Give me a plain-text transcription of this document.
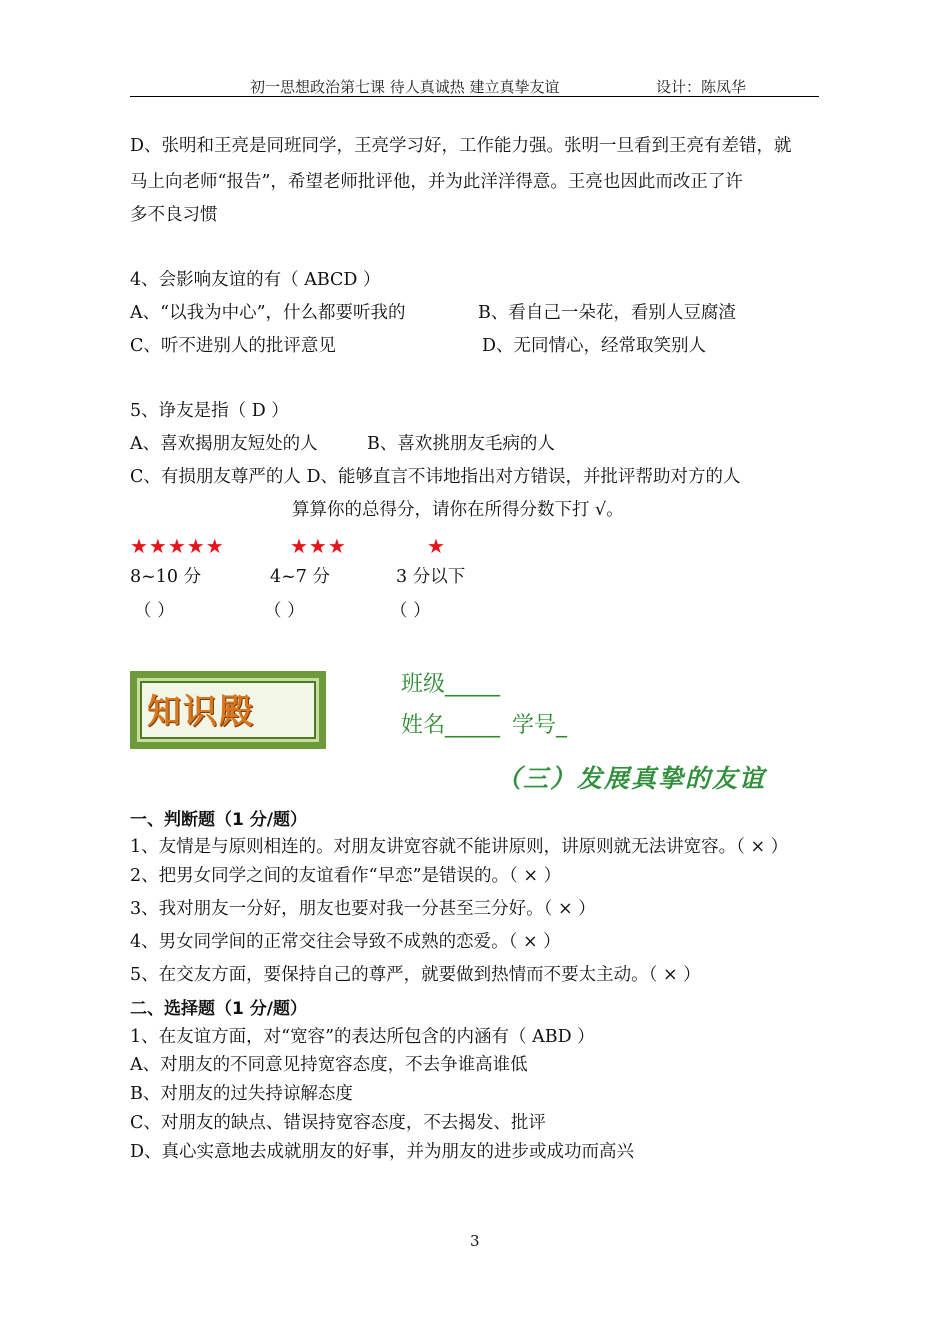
初一思想政治第七课 待人真诚热 建立真挚友谊	设计：陈凤华
D、张明和王亮是同班同学，王亮学习好，工作能力强。张明一旦看到王亮有差错，就
马上向老师“报告”，希望老师批评他，并为此洋洋得意。王亮也因此而改正了许
多不良习惯
4、会影响友谊的有（ ABCD ）
A、“以我为中心”，什么都要听我的	B、看自己一朵花，看别人豆腐渣
C、听不进别人的批评意见	D、无同情心，经常取笑别人
5、诤友是指（ D ）
A、喜欢揭朋友短处的人	B、喜欢挑朋友毛病的人
C、有损朋友尊严的人 D、能够直言不讳地指出对方错误，并批评帮助对方的人
算算你的总得分，请你在所得分数下打 √。
★★★★★	★★★	★
8~10 分	4~7 分	3 分以下
（ ）	（ ）	（ ）
知识殿
班级_____
姓名_____ 学号_
（三）发展真挚的友谊
一、判断题（1 分/题）
1、友情是与原则相连的。对朋友讲宽容就不能讲原则，讲原则就无法讲宽容。（ × ）
2、把男女同学之间的友谊看作“早恋”是错误的。（ × ）
3、我对朋友一分好，朋友也要对我一分甚至三分好。（ × ）
4、男女同学间的正常交往会导致不成熟的恋爱。（ × ）
5、在交友方面，要保持自己的尊严，就要做到热情而不要太主动。（ × ）
二、选择题（1 分/题）
1、在友谊方面，对“宽容”的表达所包含的内涵有（ ABD ）
A、对朋友的不同意见持宽容态度，不去争谁高谁低
B、对朋友的过失持谅解态度
C、对朋友的缺点、错误持宽容态度，不去揭发、批评
D、真心实意地去成就朋友的好事，并为朋友的进步或成功而高兴
3
